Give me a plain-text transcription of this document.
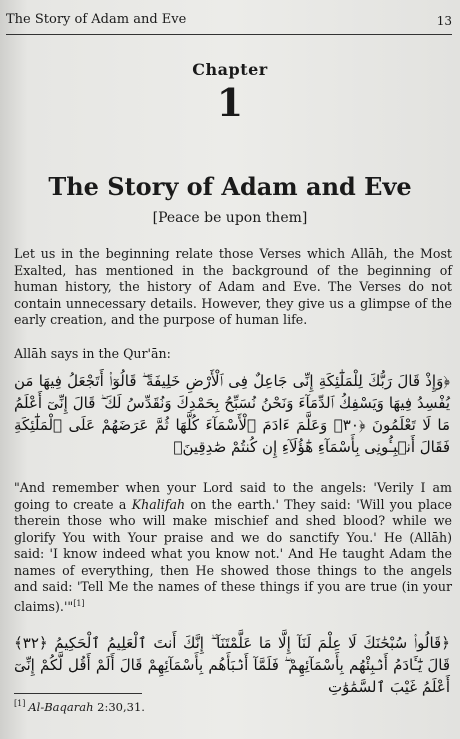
The Story of Adam and Eve	13
Chapter
1
The Story of Adam and Eve
[Peace be upon them]
Let us in the beginning relate those Verses which Allāh, the Most Exalted, has mentioned in the background of the beginning of human history, the history of Adam and Eve. The Verses do not contain unnecessary details. However, they give us a glimpse of the early creation, and the purpose of human life.
Allāh says in the Qur'ān:
﴿وَإِذْ قَالَ رَبُّكَ لِلْمَلَٰٓئِكَةِ إِنِّى جَاعِلٌ فِى ٱلْأَرْضِ خَلِيفَةً ۖ قَالُوٓا۟ أَتَجْعَلُ فِيهَا مَن يُفْسِدُ فِيهَا وَيَسْفِكُ ٱلدِّمَآءَ وَنَحْنُ نُسَبِّحُ بِحَمْدِكَ وَنُقَدِّسُ لَكَ ۖ قَالَ إِنِّىٓ أَعْلَمُ مَا لَا تَعْلَمُونَ ﴿٣٠﴾ وَعَلَّمَ ءَادَمَ ٱلْأَسْمَآءَ كُلَّهَا ثُمَّ عَرَضَهُمْ عَلَى ٱلْمَلَٰٓئِكَةِ فَقَالَ أَنۢبِـُٔونِى بِأَسْمَآءِ هَٰٓؤُلَآءِ إِن كُنتُمْ صَٰدِقِينَ﴾
"And remember when your Lord said to the angels: 'Verily I am going to create a Khalifah on the earth.' They said: 'Will you place therein those who will make mischief and shed blood? while we glorify You with Your praise and we do sanctify You.' He (Allāh) said: 'I know indeed what you know not.' And He taught Adam the names of everything, then He showed those things to the angels and said: 'Tell Me the names of these things if you are true (in your claims).'"[1]
﴿قَالُوا۟ سُبْحَٰنَكَ لَا عِلْمَ لَنَآ إِلَّا مَا عَلَّمْتَنَآ ۖ إِنَّكَ أَنتَ ٱلْعَلِيمُ ٱلْحَكِيمُ ﴿٣٢﴾ قَالَ يَٰٓـَٔادَمُ أَنۢبِئْهُم بِأَسْمَآئِهِمْ ۖ فَلَمَّآ أَنۢبَأَهُم بِأَسْمَآئِهِمْ قَالَ أَلَمْ أَقُل لَّكُمْ إِنِّىٓ أَعْلَمُ غَيْبَ ٱلسَّمَٰوَٰتِ
[1] Al-Baqarah 2:30,31.
